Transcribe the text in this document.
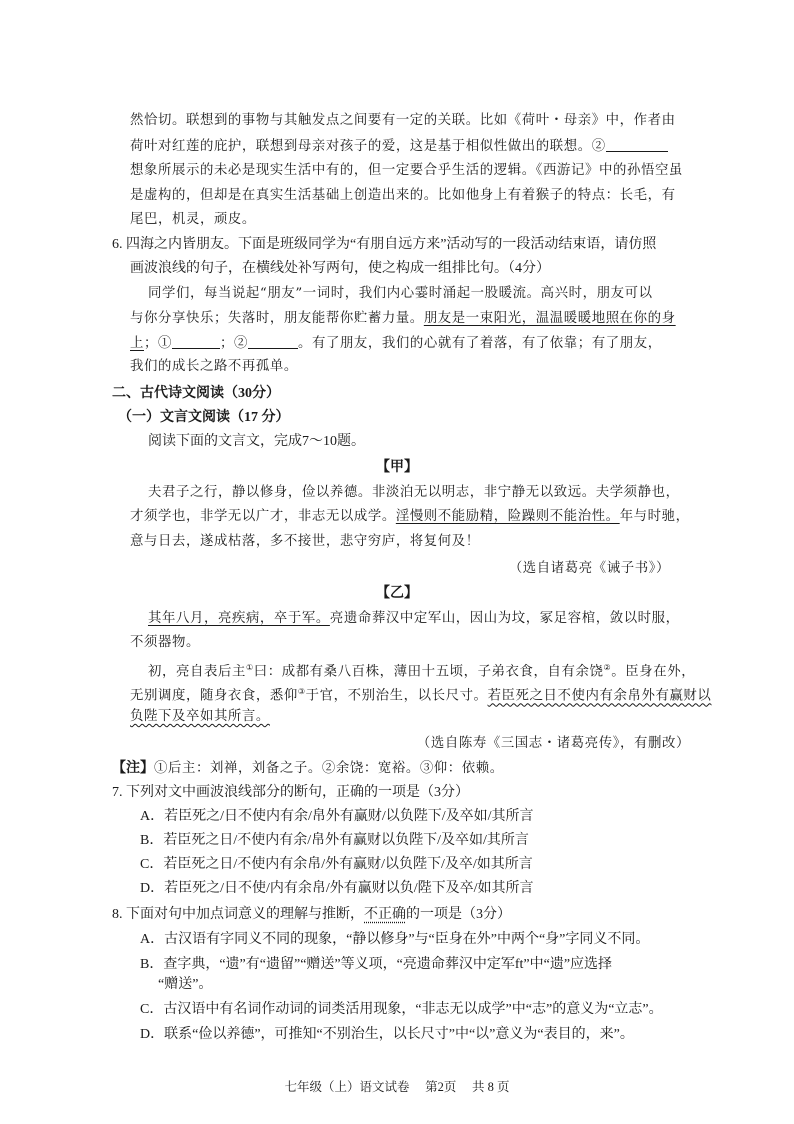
然恰切。联想到的事物与其触发点之间要有一定的关联。比如《荷叶・母亲》中，作者由
荷叶对红莲的庇护，联想到母亲对孩子的爱，这是基于相似性做出的联想。②
想象所展示的未必是现实生活中有的，但一定要合乎生活的逻辑。《西游记》中的孙悟空虽
是虚构的，但却是在真实生活基础上创造出来的。比如他身上有着猴子的特点：长毛，有
尾巴，机灵，顽皮。
6. 四海之内皆朋友。下面是班级同学为“有朋自远方来”活动写的一段活动结束语，请仿照
画波浪线的句子，在横线处补写两句，使之构成一组排比句。（4分）
同学们，每当说起“朋友”一词时，我们内心霎时涌起一股暖流。高兴时，朋友可以
与你分享快乐；失落时，朋友能帮你贮蓄力量。朋友是一束阳光，温温暖暖地照在你的身
上；①	；②	。有了朋友，我们的心就有了着落，有了依靠；有了朋友，
我们的成长之路不再孤单。
二、古代诗文阅读（30分）
（一）文言文阅读（17 分）
阅读下面的文言文，完成7～10题。
【甲】
夫君子之行，静以修身，俭以养德。非淡泊无以明志，非宁静无以致远。夫学须静也，
才须学也，非学无以广才，非志无以成学。淫慢则不能励精，险躁则不能治性。年与时驰，
意与日去，遂成枯落，多不接世，悲守穷庐，将复何及！
（选自诸葛亮《诫子书》）
【乙】
其年八月，亮疾病，卒于军。亮遗命葬汉中定军山，因山为坟，冢足容棺，敛以时服，
不须器物。
初，亮自表后主①曰：成都有桑八百株，薄田十五顷，子弟衣食，自有余饶②。臣身在外，
无别调度，随身衣食，悉仰③于官，不别治生，以长尺寸。若臣死之日不使内有余帛外有赢财以
负陛下及卒如其所言。
（选自陈寿《三国志・诸葛亮传》，有删改）
【注】①后主：刘禅，刘备之子。②余饶：宽裕。③仰：依赖。
7. 下列对文中画波浪线部分的断句，正确的一项是（3分）
A．若臣死之/日不使内有余/帛外有赢财/以负陛下/及卒如/其所言
B．若臣死之日/不使内有余/帛外有赢财以负陛下/及卒如/其所言
C．若臣死之日/不使内有余帛/外有赢财/以负陛下/及卒/如其所言
D．若臣死之/日不使/内有余帛/外有赢财以负/陛下及卒/如其所言
8. 下面对句中加点词意义的理解与推断，不正确的一项是（3分）
A．古汉语有字同义不同的现象，“静以修身”与“臣身在外”中两个“身”字同义不同。
B．查字典，“遗”有“遗留”“赠送”等义项，“亮遗命葬汉中定军ft”中“遗”应选择
“赠送”。
C．古汉语中有名词作动词的词类活用现象，“非志无以成学”中“志”的意义为“立志”。
D．联系“俭以养德”，可推知“不别治生，以长尺寸”中“以”意义为“表目的，来”。
七年级（上）语文试卷　 第2页　 共 8 页
